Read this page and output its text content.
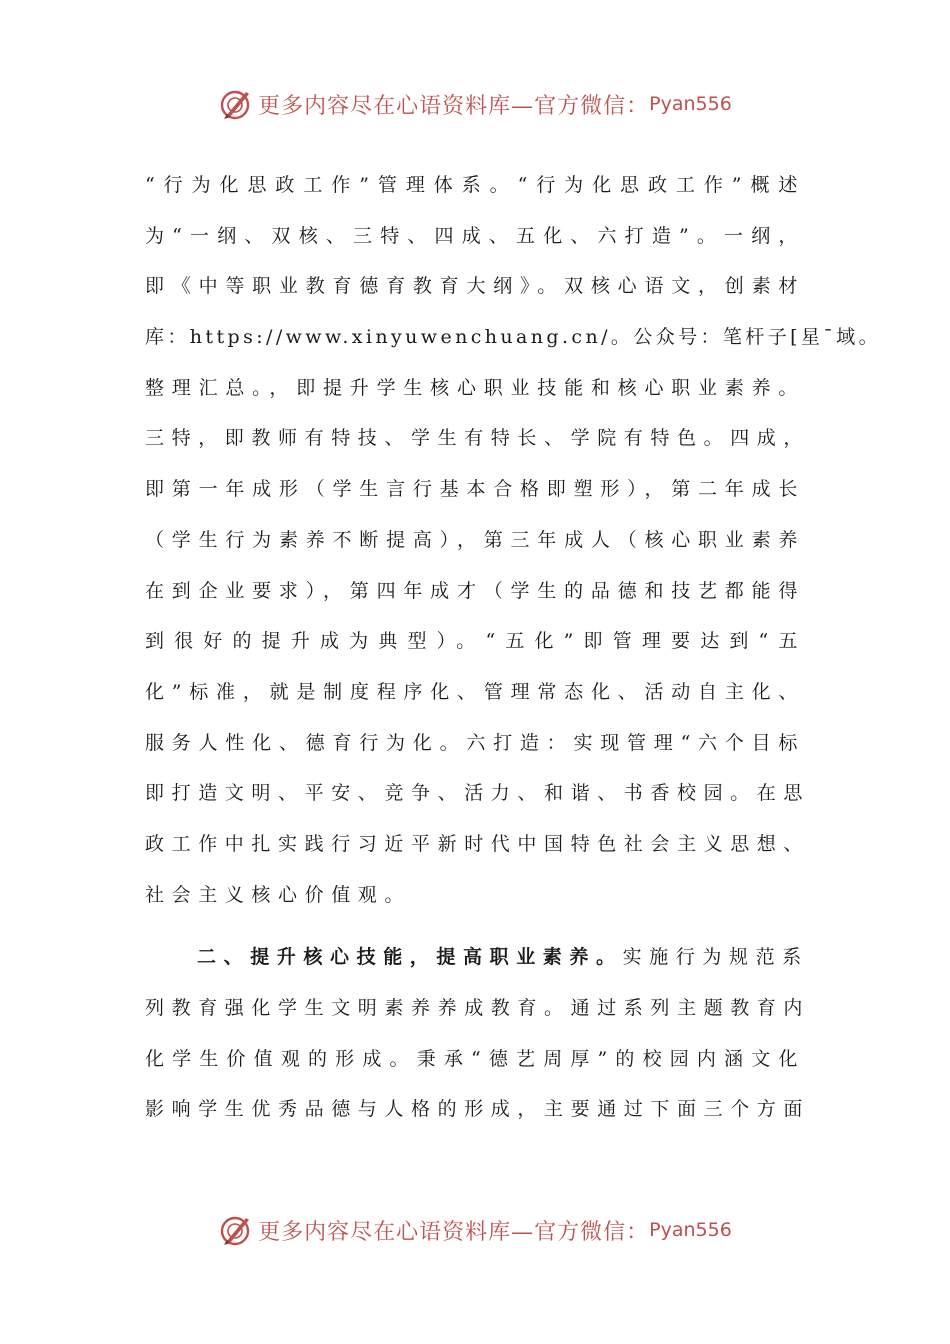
更多内容尽在心语资料库—官方微信： Pyan556
“行为化思政工作”管理体系。“行为化思政工作”概述
为“一纲、双核、三特、四成、五化、六打造”。一纲，
即《中等职业教育德育教育大纲》。双核心语文，创素材
库：https://www.xinyuwenchuang.cn/。公众号：笔杆子[星¯域。
整理汇总。，即提升学生核心职业技能和核心职业素养。
三特，即教师有特技、学生有特长、学院有特色。四成，
即第一年成形（学生言行基本合格即塑形），第二年成长
（学生行为素养不断提高），第三年成人（核心职业素养
在到企业要求），第四年成才（学生的品德和技艺都能得
到很好的提升成为典型）。“五化”即管理要达到“五
化”标准，就是制度程序化、管理常态化、活动自主化、
服务人性化、德育行为化。六打造：实现管理“六个目标
即打造文明、平安、竞争、活力、和谐、书香校园。在思
政工作中扎实践行习近平新时代中国特色社会主义思想、
社会主义核心价值观。
二、提升核心技能，提高职业素养。实施行为规范系
列教育强化学生文明素养养成教育。通过系列主题教育内
化学生价值观的形成。秉承“德艺周厚”的校园内涵文化
影响学生优秀品德与人格的形成，主要通过下面三个方面
更多内容尽在心语资料库—官方微信： Pyan556
